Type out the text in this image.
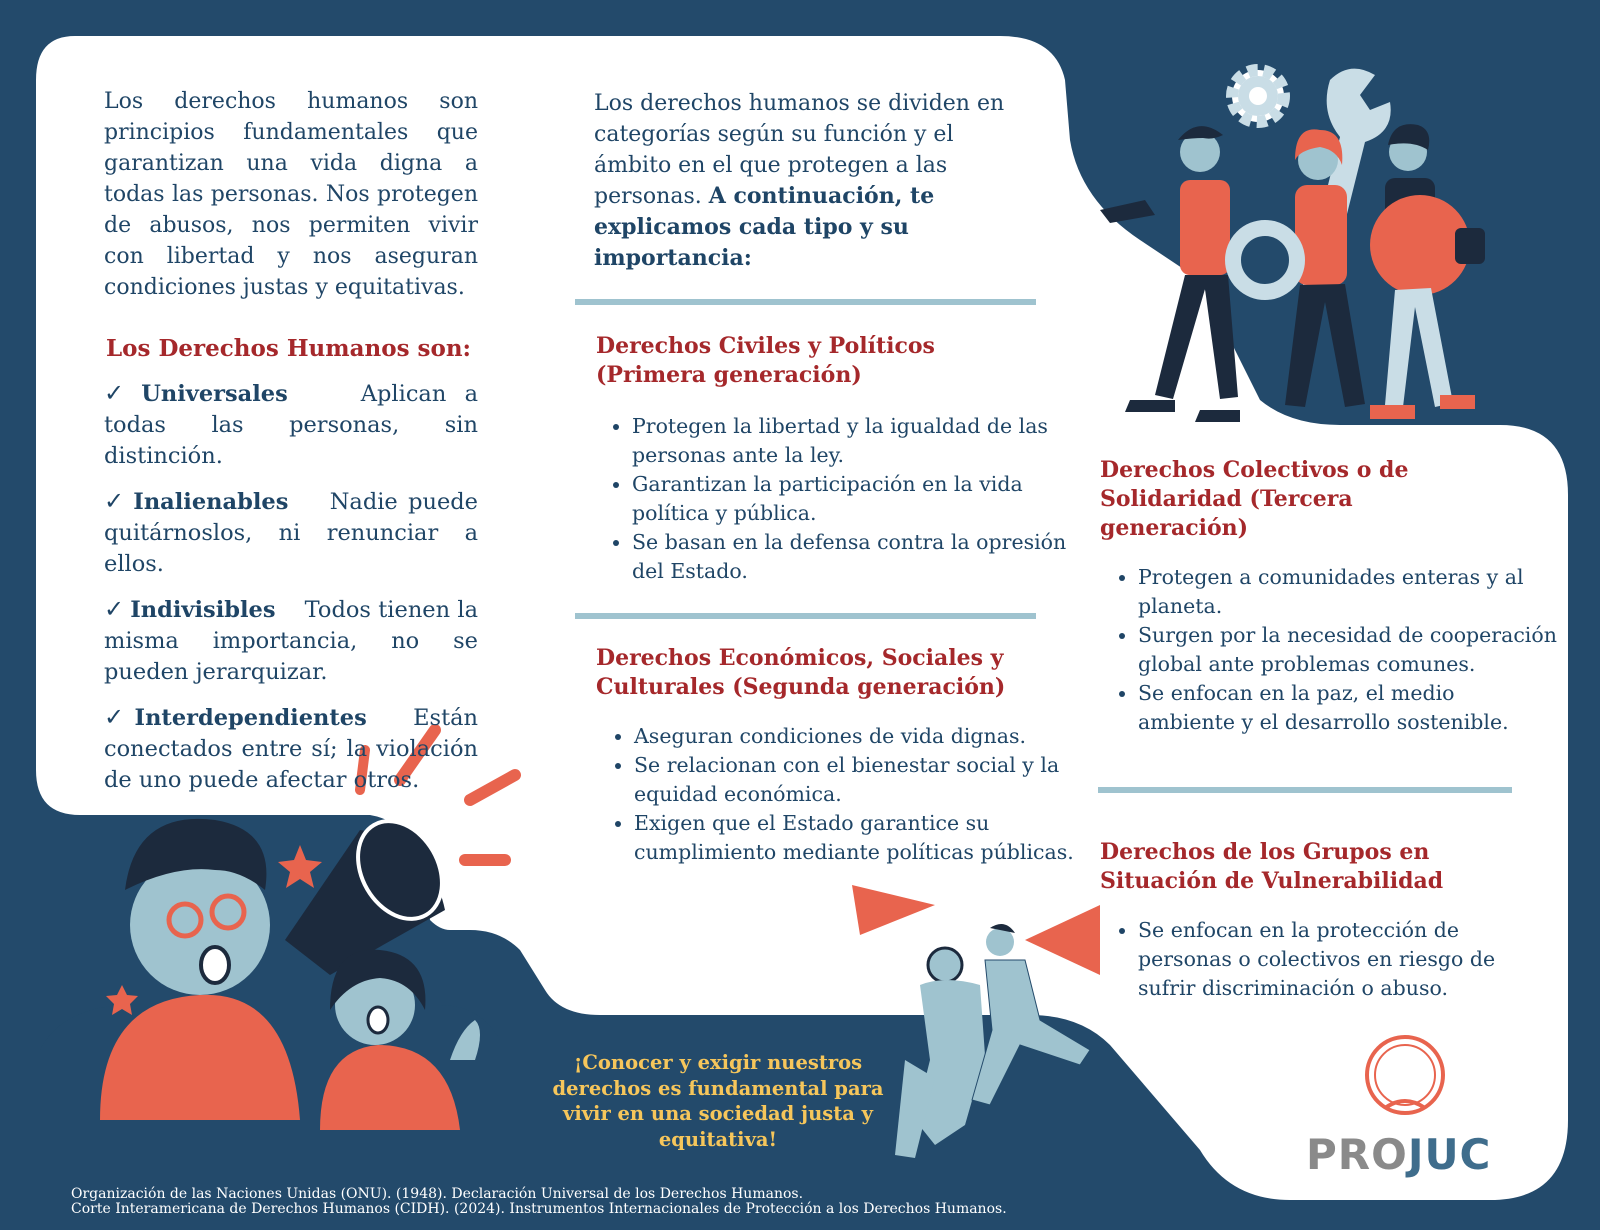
Los derechos humanos son principios fundamentales que garantizan una vida digna a todas las personas. Nos protegen de abusos, nos permiten vivir con libertad y nos aseguran condiciones justas y equitativas.
Los Derechos Humanos son:
✓ Universales	Aplican a todas las personas, sin distinción.
✓ Inalienables Nadie puede quitárnoslos, ni renunciar a ellos.
✓ Indivisibles Todos tienen la misma importancia, no se pueden jerarquizar.
✓ Interdependientes Están conectados entre sí; la violación de uno puede afectar otros.
Los derechos humanos se dividen en categorías según su función y el ámbito en el que protegen a las personas. A continuación, te explicamos cada tipo y su importancia:
Derechos Civiles y Políticos (Primera generación)
• Protegen la libertad y la igualdad de las personas ante la ley.
• Garantizan la participación en la vida política y pública.
• Se basan en la defensa contra la opresión del Estado.
Derechos Económicos, Sociales y Culturales (Segunda generación)
• Aseguran condiciones de vida dignas.
• Se relacionan con el bienestar social y la equidad económica.
• Exigen que el Estado garantice su cumplimiento mediante políticas públicas.
Derechos Colectivos o de Solidaridad (Tercera generación)
• Protegen a comunidades enteras y al planeta.
• Surgen por la necesidad de cooperación global ante problemas comunes.
• Se enfocan en la paz, el medio ambiente y el desarrollo sostenible.
Derechos de los Grupos en Situación de Vulnerabilidad
• Se enfocan en la protección de personas o colectivos en riesgo de sufrir discriminación o abuso.
¡Conocer y exigir nuestros derechos es fundamental para vivir en una sociedad justa y equitativa!	PROJUC
Organización de las Naciones Unidas (ONU). (1948). Declaración Universal de los Derechos Humanos.
Corte Interamericana de Derechos Humanos (CIDH). (2024). Instrumentos Internacionales de Protección a los Derechos Humanos.
